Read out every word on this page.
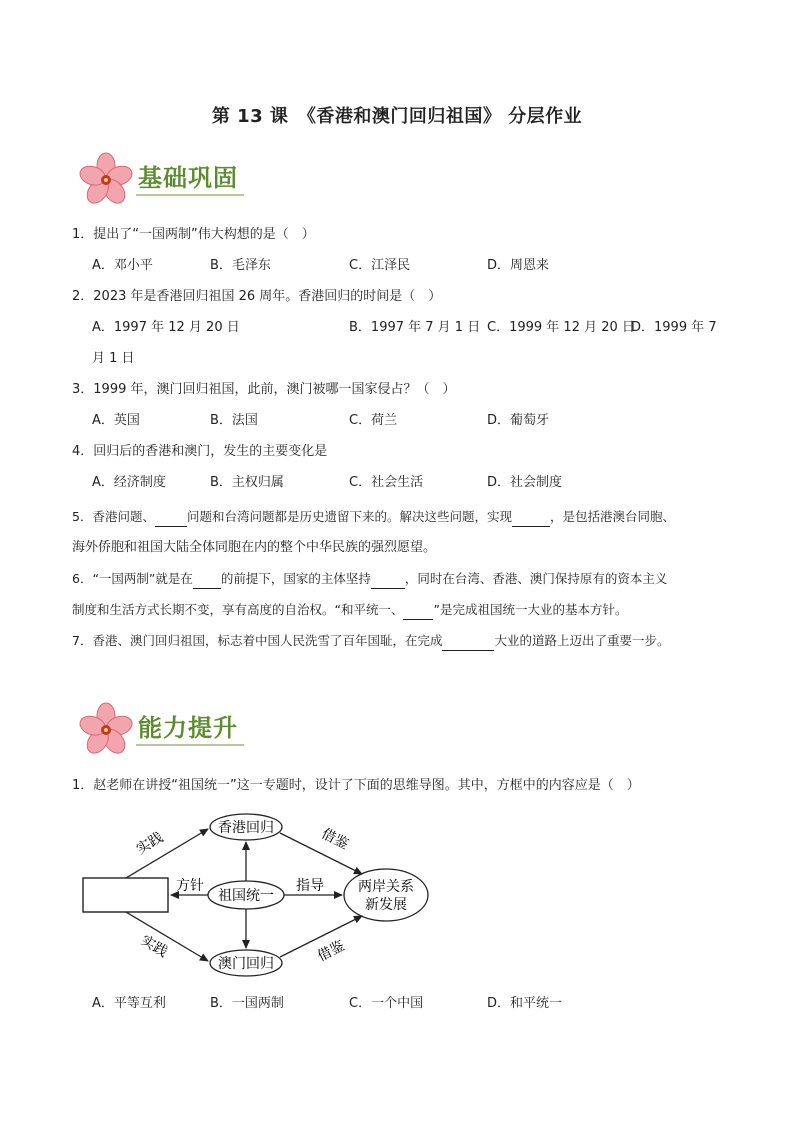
第 13 课　《香港和澳门回归祖国》 分层作业
基础巩固
1．提出了“一国两制”伟大构想的是（　）
A．邓小平	B．毛泽东	C．江泽民	D．周恩来
2．2023 年是香港回归祖国 26 周年。香港回归的时间是（　）
A．1997 年 12 月 20 日	B．1997 年 7 月 1 日 C．1999 年 12 月 20 日
D．1999 年 7
月 1 日
3．1999 年，澳门回归祖国，此前，澳门被哪一国家侵占？（　）
A．英国	B．法国	C．荷兰	D．葡萄牙
4．回归后的香港和澳门，发生的主要变化是
A．经济制度	B．主权归属	C．社会生活	D．社会制度
5．香港问题、	问题和台湾问题都是历史遗留下来的。解决这些问题，实现	，是包括港澳台同胞、
海外侨胞和祖国大陆全体同胞在内的整个中华民族的强烈愿望。
6．“一国两制”就是在 的前提下，国家的主体坚持	，同时在台湾、香港、澳门保持原有的资本主义
制度和生活方式长期不变，享有高度的自治权。“和平统一、 ”是完成祖国统一大业的基本方针。
7．香港、澳门回归祖国，标志着中国人民洗雪了百年国耻，在完成	大业的道路上迈出了重要一步。
能力提升
1．赵老师在讲授“祖国统一”这一专题时，设计了下面的思维导图。其中，方框中的内容应是（　）
香港回归
祖国统一
澳门回归
两岸关系
新发展
实践
实践
方针	指导
借鉴
借鉴
A．平等互利	B．一国两制	C．一个中国	D．和平统一
